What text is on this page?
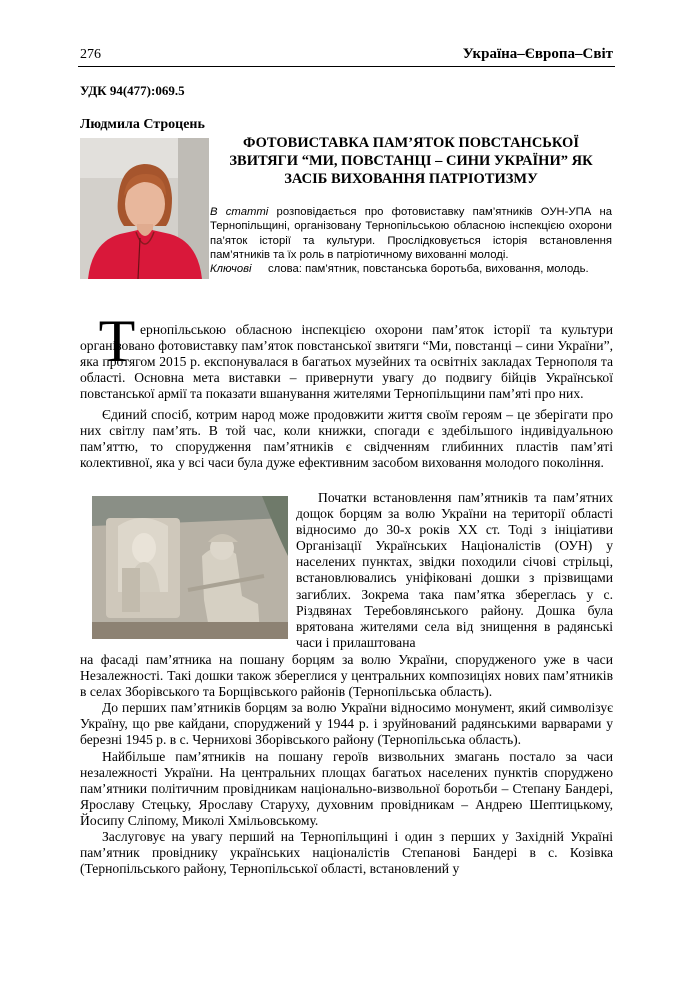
276	Україна–Європа–Світ
УДК 94(477):069.5
Людмила Строцень
ФОТОВИСТАВКА ПАМ’ЯТОК ПОВСТАНСЬКОЇ
ЗВИТЯГИ “МИ, ПОВСТАНЦІ – СИНИ УКРАЇНИ” ЯК
ЗАСІБ ВИХОВАННЯ ПАТРІОТИЗМУ
В статті розповідається про фотовиставку пам’ятників ОУН-УПА на Тернопільщині, організовану Тернопільською обласною інспекцією охорони па’яток історії та культури. Прослідковується історія встановлення пам’ятників та їх роль в патріотичному вихованні молоді.
Ключові	слова: пам’ятник, повстанська боротьба, виховання, молодь.
Т ернопільською обласною інспекцією охорони пам’яток історії та культури організовано фотовиставку пам’яток повстанської звитяги “Ми, повстанці – сини України”, яка протягом 2015 р. експонувалася в багатьох музейних та освітніх закладах Тернополя та області. Основна мета виставки – привернути увагу до подвигу бійців Української повстанської армії та показати вшанування жителями Тернопільщини пам’яті про них.

Єдиний спосіб, котрим народ може продовжити життя своїм героям – це зберігати про них світлу пам’ять. В той час, коли книжки, спогади є здебільшого індивідуальною пам’яттю, то спорудження пам’ятників є свідченням глибинних пластів пам’яті колективної, яка у всі часи була дуже ефективним засобом виховання молодого покоління.

Початки встановлення пам’ятників та пам’ятних дощок борцям за волю України на території області відносимо до 30-х років ХХ ст. Тоді з ініціативи Організації Українських Націоналістів (ОУН) у населених пунктах, звідки походили січові стрільці, встановлювались уніфіковані дошки з прізвищами загиблих. Зокрема така пам’ятка збереглась у с. Різдвянах Теребовлянського району. Дошка була врятована жителями села від знищення в радянські часи і прилаштована

на фасаді пам’ятника на пошану борцям за волю України, спорудженого уже в часи Незалежності. Такі дошки також збереглися у центральних композиціях нових пам’ятників в селах Зборівського та Борщівського районів (Тернопільська область).

До перших пам’ятників борцям за волю України відносимо монумент, який символізує Україну, що рве кайдани, споруджений у 1944 р. і зруйнований радянськими варварами у березні 1945 р. в с. Чернихові Зборівського району (Тернопільська область).

Найбільше пам’ятників на пошану героїв визвольних змагань постало за часи незалежності України. На центральних площах багатьох населених пунктів споруджено пам’ятники політичним провідникам національно-визвольної боротьби – Степану Бандері, Ярославу Стецьку, Ярославу Стаpуху, духовним провідникам – Андрею Шептицькому, Йосипу Сліпому, Миколі Хмільовському.

Заслуговує на увагу перший на Тернопільщині і один з перших у Західній Україні пам’ятник провіднику українських націоналістів Степанові Бандері в с. Козівка (Тернопільського району, Тернопільської області, встановлений у
